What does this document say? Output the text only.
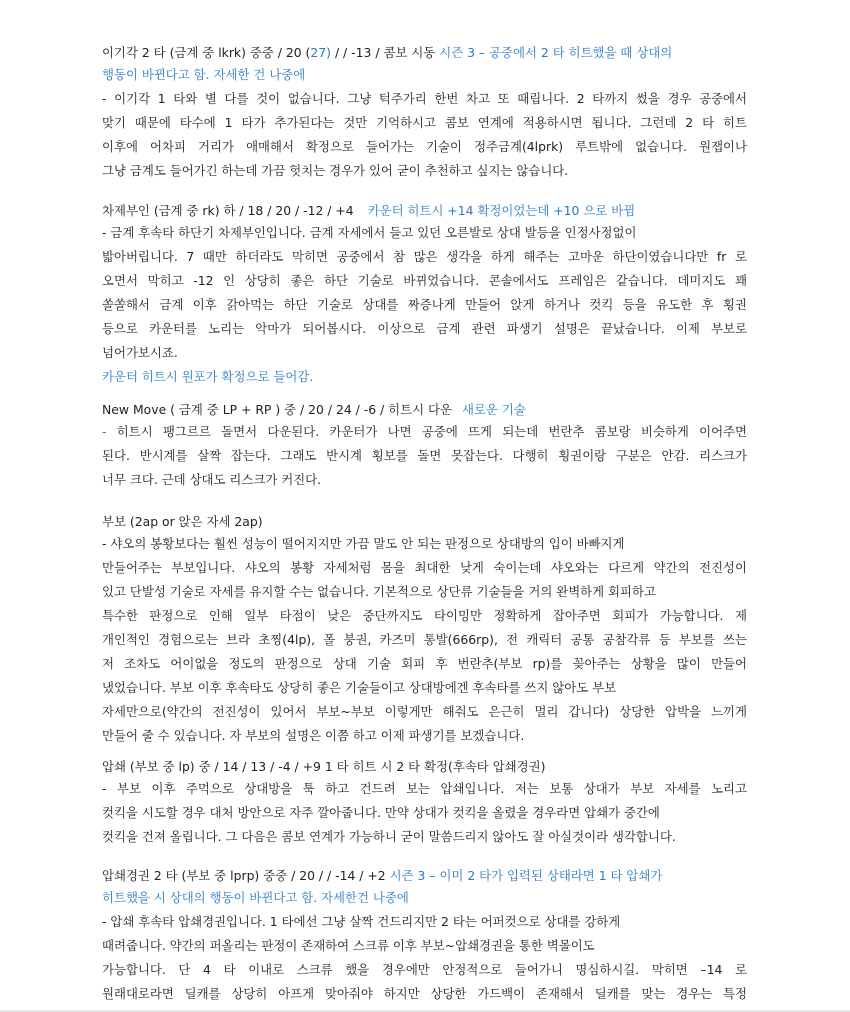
이기각 2 타 (금계 중 lkrk) 중중 / 20 (27) / / -13 / 콤보 시동 시즌 3 – 공중에서 2 타 히트했을 때 상대의
행동이 바뀐다고 함. 자세한 건 나중에
- 이기각 1 타와 별 다를 것이 없습니다. 그냥 턱주가리 한번 차고 또 때립니다. 2 타까지 썼을 경우 공중에서
맞기 때문에 타수에 1 타가 추가된다는 것만 기억하시고 콤보 연계에 적용하시면 됩니다. 그런데 2 타 히트
이후에 어차피 거리가 애매해서 확정으로 들어가는 기술이 정주금계(4lprk) 루트밖에 없습니다. 원잽이나
그냥 금계도 들어가긴 하는데 가끔 헛치는 경우가 있어 굳이 추천하고 싶지는 않습니다.
차제부인 (금계 중 rk) 하 / 18 / 20 / -12 / +4 카운터 히트시 +14 확정이었는데 +10 으로 바뀜
- 금계 후속타 하단기 차제부인입니다. 금계 자세에서 들고 있던 오른발로 상대 발등을 인정사정없이
밟아버립니다. 7 때만 하더라도 막히면 공중에서 참 많은 생각을 하게 해주는 고마운 하단이였습니다만 fr 로
오면서 막히고 -12 인 상당히 좋은 하단 기술로 바뀌었습니다. 콘솔에서도 프레임은 같습니다. 데미지도 꽤
쏠쏠해서 금계 이후 갉아먹는 하단 기술로 상대를 짜증나게 만들어 앉게 하거나 컷킥 등을 유도한 후 횡권
등으로 카운터를 노리는 악마가 되어봅시다. 이상으로 금계 관련 파생기 설명은 끝났습니다. 이제 부보로
넘어가보시죠.
카운터 히트시 원포가 확정으로 들어감.
New Move ( 금계 중 LP + RP ) 중 / 20 / 24 / -6 / 히트시 다운 새로운 기술
- 히트시 팽그르르 돌면서 다운된다. 카운터가 나면 공중에 뜨게 되는데 번란추 콤보랑 비슷하게 이어주면
된다. 반시계를 살짝 잡는다. 그래도 반시계 횡보를 돌면 못잡는다. 다행히 횡권이랑 구분은 안감. 리스크가
너무 크다. 근데 상대도 리스크가 커진다.
부보 (2ap or 앉은 자세 2ap)
- 샤오의 봉황보다는 훨씬 성능이 떨어지지만 가끔 말도 안 되는 판정으로 상대방의 입이 바빠지게
만들어주는 부보입니다. 샤오의 봉황 자세처럼 몸을 최대한 낮게 숙이는데 샤오와는 다르게 약간의 전진성이
있고 단발성 기술로 자세를 유지할 수는 없습니다. 기본적으로 상단류 기술들을 거의 완벽하게 회피하고
특수한 판정으로 인해 일부 타점이 낮은 중단까지도 타이밍만 정확하게 잡아주면 회피가 가능합니다. 제
개인적인 경험으로는 브라 초찡(4lp), 폴 붕권, 카즈미 통발(666rp), 전 캐릭터 공통 공참각류 등 부보를 쓰는
저 조차도 어이없을 정도의 판정으로 상대 기술 회피 후 번란추(부보 rp)를 꽂아주는 상황을 많이 만들어
냈었습니다. 부보 이후 후속타도 상당히 좋은 기술들이고 상대방에겐 후속타를 쓰지 않아도 부보
자세만으로(약간의 전진성이 있어서 부보~부보 이렇게만 해줘도 은근히 멀리 갑니다) 상당한 압박을 느끼게
만들어 줄 수 있습니다. 자 부보의 설명은 이쯤 하고 이제 파생기를 보겠습니다.
압쇄 (부보 중 lp) 중 / 14 / 13 / -4 / +9 1 타 히트 시 2 타 확정(후속타 압쇄경권)
- 부보 이후 주먹으로 상대방을 툭 하고 건드려 보는 압쇄입니다. 저는 보통 상대가 부보 자세를 노리고
컷킥을 시도할 경우 대처 방안으로 자주 깔아줍니다. 만약 상대가 컷킥을 올렸을 경우라면 압쇄가 중간에
컷킥을 건져 올립니다. 그 다음은 콤보 연계가 가능하니 굳이 말씀드리지 않아도 잘 아실것이라 생각합니다.
압쇄경권 2 타 (부보 중 lprp) 중중 / 20 / / -14 / +2 시즌 3 – 이미 2 타가 입력된 상태라면 1 타 압쇄가
히트했을 시 상대의 행동이 바뀐다고 함. 자세한건 나중에
- 압쇄 후속타 압쇄경권입니다. 1 타에선 그냥 살짝 건드리지만 2 타는 어퍼컷으로 상대를 강하게
때려줍니다. 약간의 퍼올리는 판정이 존재하여 스크류 이후 부보~압쇄경권을 통한 벽몰이도
가능합니다. 단 4 타 이내로 스크류 했을 경우에만 안정적으로 들어가니 명심하시길. 막히면 –14 로
원래대로라면 딜캐를 상당히 아프게 맞아줘야 하지만 상당한 가드백이 존재해서 딜캐를 맞는 경우는 특정
